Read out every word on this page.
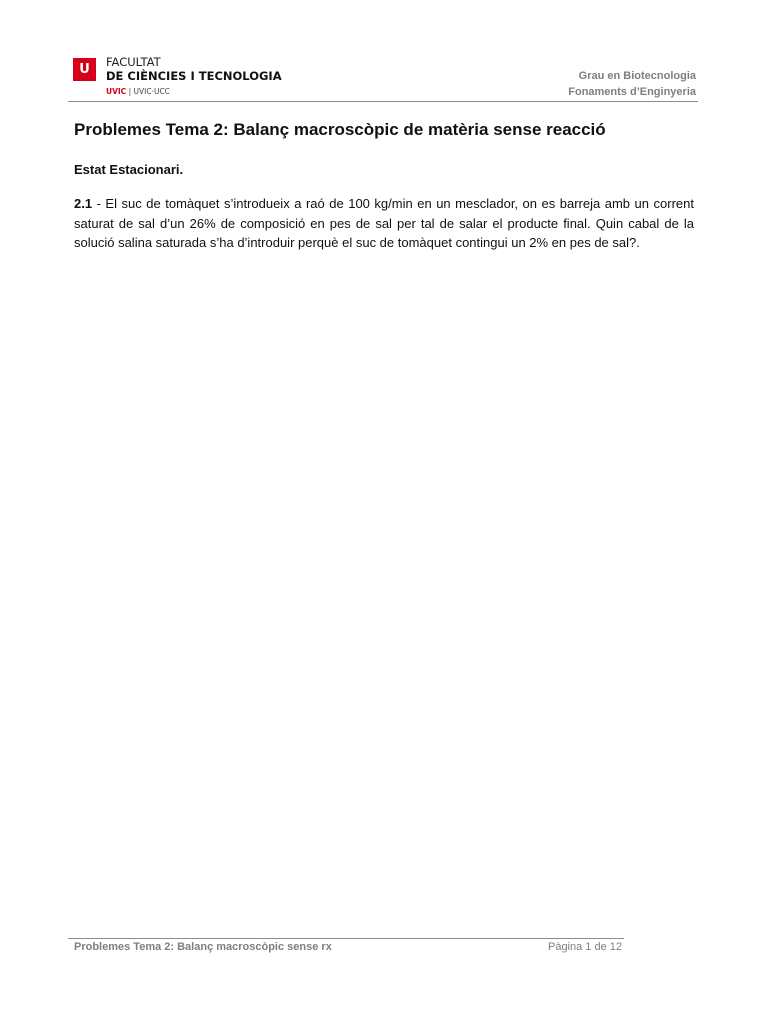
U	FACULTAT
DE CIÈNCIES I TECNOLOGIA
UVIC | UVIC·UCC
Grau en Biotecnologia
Fonaments d’Enginyeria
Problemes Tema 2: Balanç macroscòpic de matèria sense reacció
Estat Estacionari.

2.1 - El suc de tomàquet s’introdueix a raó de 100 kg/min en un mesclador, on es barreja amb un corrent saturat de sal d’un 26% de composició en pes de sal per tal de salar el producte final. Quin cabal de la solució salina saturada s’ha d’introduir perquè el suc de tomàquet contingui un 2% en pes de sal?.

Problemes Tema 2: Balanç macroscòpic sense rx	Pàgina 1 de 12
